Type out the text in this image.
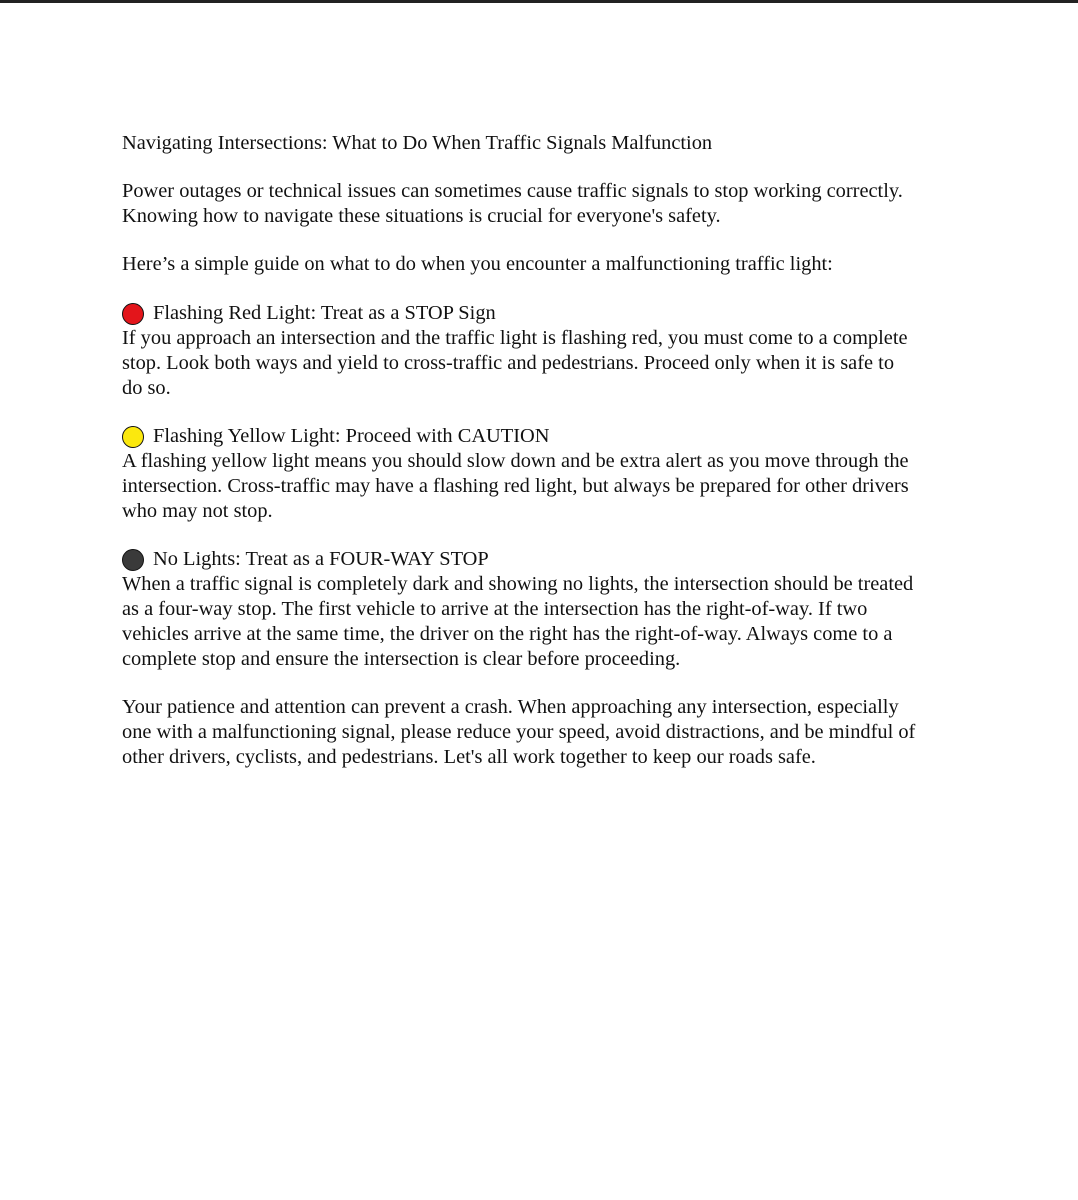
Navigating Intersections: What to Do When Traffic Signals Malfunction

Power outages or technical issues can sometimes cause traffic signals to stop working correctly.
Knowing how to navigate these situations is crucial for everyone's safety.

Here’s a simple guide on what to do when you encounter a malfunctioning traffic light:

Flashing Red Light: Treat as a STOP Sign
If you approach an intersection and the traffic light is flashing red, you must come to a complete
stop. Look both ways and yield to cross-traffic and pedestrians. Proceed only when it is safe to
do so.
Flashing Yellow Light: Proceed with CAUTION
A flashing yellow light means you should slow down and be extra alert as you move through the
intersection. Cross-traffic may have a flashing red light, but always be prepared for other drivers
who may not stop.
No Lights: Treat as a FOUR-WAY STOP
When a traffic signal is completely dark and showing no lights, the intersection should be treated
as a four-way stop. The first vehicle to arrive at the intersection has the right-of-way. If two
vehicles arrive at the same time, the driver on the right has the right-of-way. Always come to a
complete stop and ensure the intersection is clear before proceeding.

Your patience and attention can prevent a crash. When approaching any intersection, especially
one with a malfunctioning signal, please reduce your speed, avoid distractions, and be mindful of
other drivers, cyclists, and pedestrians. Let's all work together to keep our roads safe.
